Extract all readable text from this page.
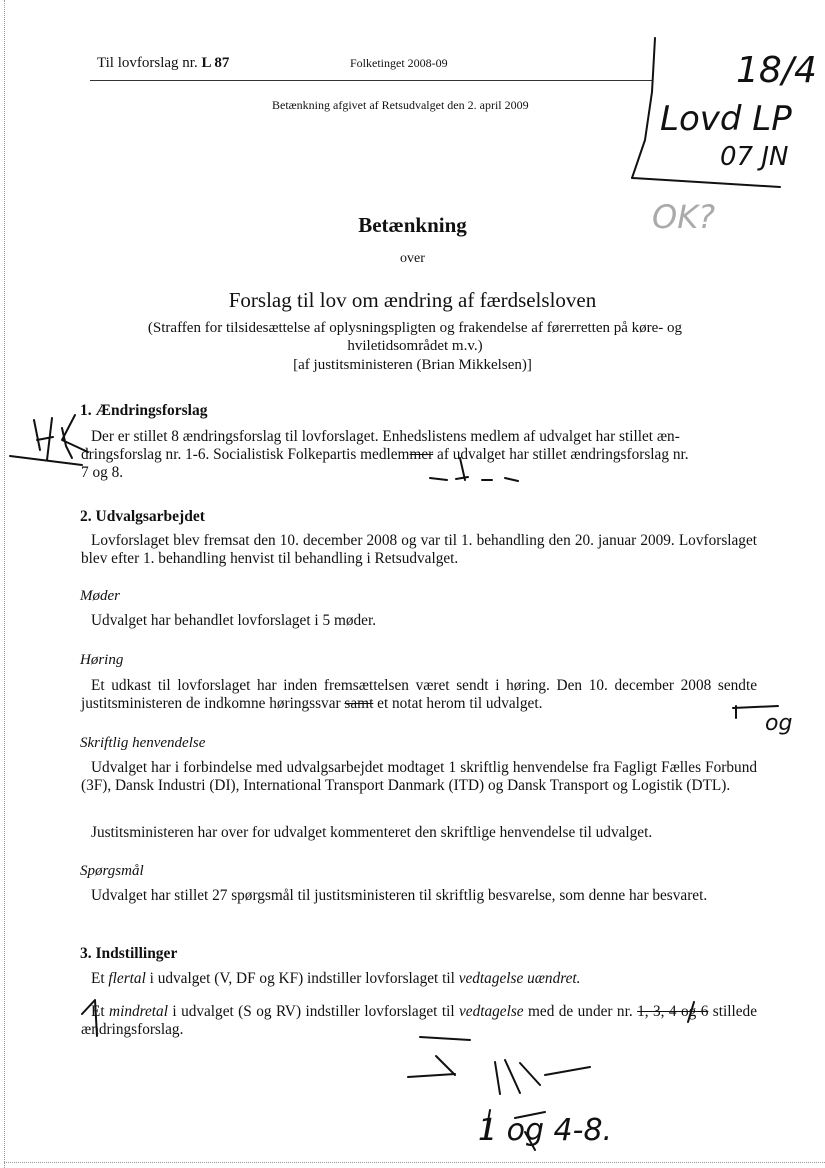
Til lovforslag nr. L 87	Folketinget 2008-09
Betænkning afgivet af Retsudvalget den 2. april 2009
Betænkning
over
Forslag til lov om ændring af færdselsloven
(Straffen for tilsidesættelse af oplysningspligten og frakendelse af førerretten på køre- og hviletidsområdet m.v.)
[af justitsministeren (Brian Mikkelsen)]
1. Ændringsforslag
Der er stillet 8 ændringsforslag til lovforslaget. Enhedslistens medlem af udvalget har stillet æn-
dringsforslag nr. 1-6. Socialistisk Folkepartis medlemmer af udvalget har stillet ændringsforslag nr.
7 og 8.
2. Udvalgsarbejdet
Lovforslaget blev fremsat den 10. december 2008 og var til 1. behandling den 20. januar 2009. Lovforslaget blev efter 1. behandling henvist til behandling i Retsudvalget.
Møder
Udvalget har behandlet lovforslaget i 5 møder.
Høring
Et udkast til lovforslaget har inden fremsættelsen været sendt i høring. Den 10. december 2008 sendte justitsministeren de indkomne høringssvar samt et notat herom til udvalget.
Skriftlig henvendelse
Udvalget har i forbindelse med udvalgsarbejdet modtaget 1 skriftlig henvendelse fra Fagligt Fælles Forbund (3F), Dansk Industri (DI), International Transport Danmark (ITD) og Dansk Transport og Logistik (DTL).
Justitsministeren har over for udvalget kommenteret den skriftlige henvendelse til udvalget.
Spørgsmål
Udvalget har stillet 27 spørgsmål til justitsministeren til skriftlig besvarelse, som denne har besvaret.
3. Indstillinger
Et flertal i udvalget (V, DF og KF) indstiller lovforslaget til vedtagelse uændret.
Et mindretal i udvalget (S og RV) indstiller lovforslaget til vedtagelse med de under nr. 1, 3, 4 og 6 stillede ændringsforslag.
18/4
Lovd LP
07 JN
OK?
og
1 og 4-8.
